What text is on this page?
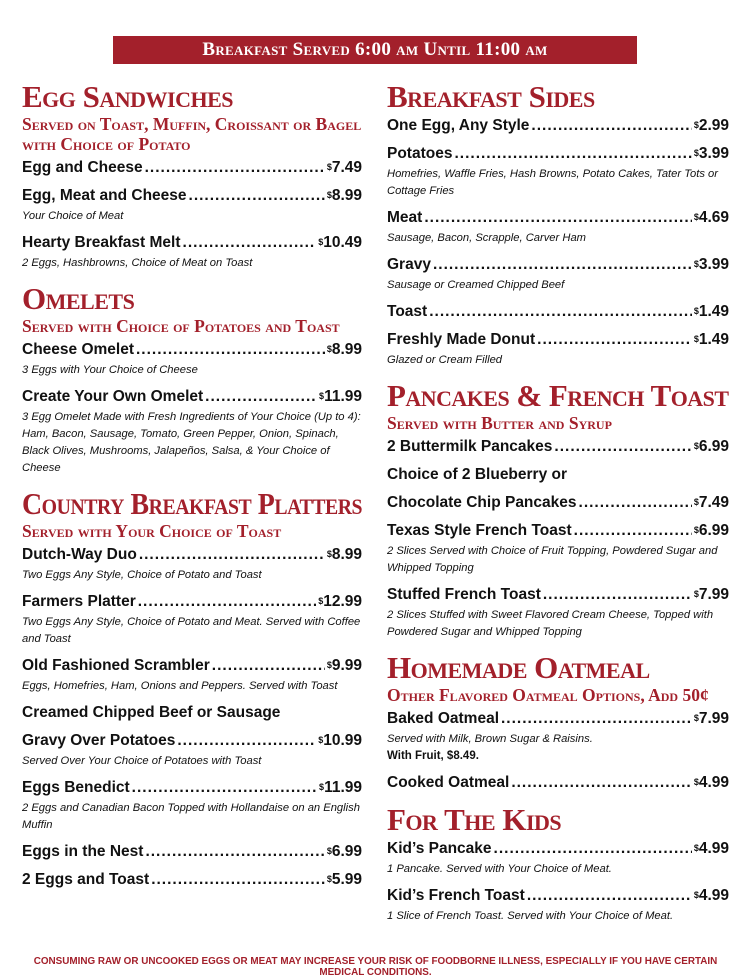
Breakfast Served 6:00 am Until 11:00 am
Egg Sandwiches
Served on Toast, Muffin, Croissant or Bagel with Choice of Potato
Egg and Cheese .....	$7.49
Egg, Meat and Cheese .....	$8.99
Your Choice of Meat
Hearty Breakfast Melt .....	$10.49
2 Eggs, Hashbrowns, Choice of Meat on Toast
Omelets
Served with Choice of Potatoes and Toast
Cheese Omelet .....	$8.99
3 Eggs with Your Choice of Cheese
Create Your Own Omelet .....	$11.99
3 Egg Omelet Made with Fresh Ingredients of Your Choice (Up to 4): Ham, Bacon, Sausage, Tomato, Green Pepper, Onion, Spinach, Black Olives, Mushrooms, Jalapeños, Salsa, & Your Choice of Cheese
Country Breakfast Platters
Served with Your Choice of Toast
Dutch-Way Duo .....	$8.99
Two Eggs Any Style, Choice of Potato and Toast
Farmers Platter .....	$12.99
Two Eggs Any Style, Choice of Potato and Meat. Served with Coffee and Toast
Old Fashioned Scrambler .....	$9.99
Eggs, Homefries, Ham, Onions and Peppers. Served with Toast
Creamed Chipped Beef or Sausage
Gravy Over Potatoes .....	$10.99
Served Over Your Choice of Potatoes with Toast
Eggs Benedict .....	$11.99
2 Eggs and Canadian Bacon Topped with Hollandaise on an English Muffin
Eggs in the Nest .....	$6.99
2 Eggs and Toast .....	$5.99
Breakfast Sides
One Egg, Any Style .....	$2.99
Potatoes .....	$3.99
Homefries, Waffle Fries, Hash Browns, Potato Cakes, Tater Tots or Cottage Fries
Meat .....	$4.69
Sausage, Bacon, Scrapple, Carver Ham
Gravy .....	$3.99
Sausage or Creamed Chipped Beef
Toast .....	$1.49
Freshly Made Donut .....	$1.49
Glazed or Cream Filled
Pancakes & French Toast
Served with Butter and Syrup
2 Buttermilk Pancakes .....	$6.99
Choice of 2 Blueberry or
Chocolate Chip Pancakes .....	$7.49
Texas Style French Toast .....	$6.99
2 Slices Served with Choice of Fruit Topping, Powdered Sugar and Whipped Topping
Stuffed French Toast .....	$7.99
2 Slices Stuffed with Sweet Flavored Cream Cheese, Topped with Powdered Sugar and Whipped Topping
Homemade Oatmeal
Other Flavored Oatmeal Options, Add 50¢
Baked Oatmeal .....	$7.99
Served with Milk, Brown Sugar & Raisins.
With Fruit, $8.49.
Cooked Oatmeal .....	$4.99
For The Kids
Kid’s Pancake .....	$4.99
1 Pancake. Served with Your Choice of Meat.
Kid’s French Toast .....	$4.99
1 Slice of French Toast. Served with Your Choice of Meat.
CONSUMING RAW OR UNCOOKED EGGS OR MEAT MAY INCREASE YOUR RISK OF FOODBORNE ILLNESS, ESPECIALLY IF YOU HAVE CERTAIN MEDICAL CONDITIONS.
